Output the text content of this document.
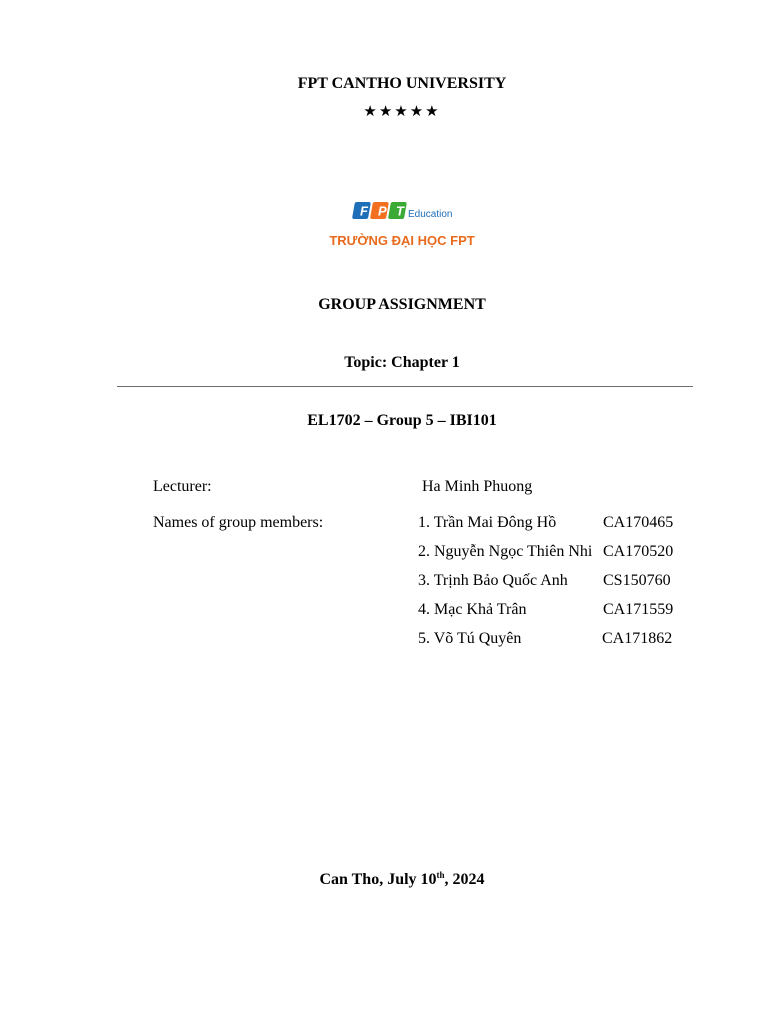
FPT CANTHO UNIVERSITY
★★★★★
F P T Education
TRƯỜNG ĐẠI HỌC FPT
GROUP ASSIGNMENT
Topic: Chapter 1
EL1702 – Group 5 – IBI101
Lecturer:	Ha Minh Phuong
Names of group members:	1. Trần Mai Đông Hồ	CA170465
2. Nguyễn Ngọc Thiên Nhi CA170520
3. Trịnh Bảo Quốc Anh CS150760
4. Mạc Khả Trân	CA171559
5. Võ Tú Quyên	CA171862
Can Tho, July 10th, 2024
